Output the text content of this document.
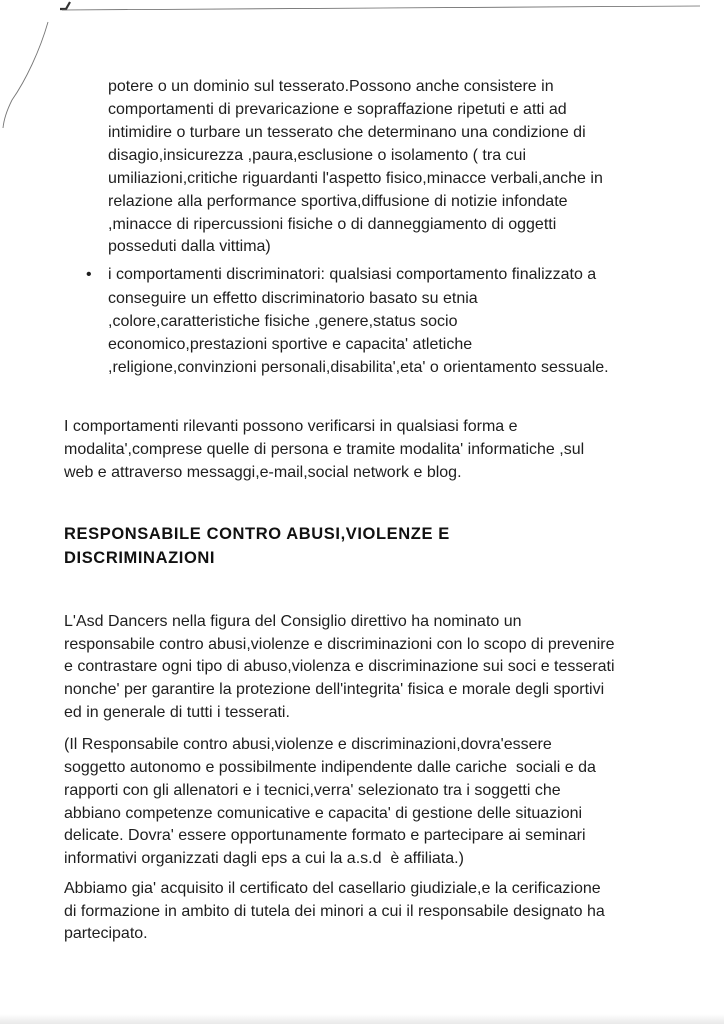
potere o un dominio sul tesserato.Possono anche consistere in
comportamenti di prevaricazione e sopraffazione ripetuti e atti ad
intimidire o turbare un tesserato che determinano una condizione di
disagio,insicurezza ,paura,esclusione o isolamento ( tra cui
umiliazioni,critiche riguardanti l'aspetto fisico,minacce verbali,anche in
relazione alla performance sportiva,diffusione di notizie infondate
,minacce di ripercussioni fisiche o di danneggiamento di oggetti
posseduti dalla vittima)
• i comportamenti discriminatori: qualsiasi comportamento finalizzato a
conseguire un effetto discriminatorio basato su etnia
,colore,caratteristiche fisiche ,genere,status socio
economico,prestazioni sportive e capacita' atletiche
,religione,convinzioni personali,disabilita',eta' o orientamento sessuale.
I comportamenti rilevanti possono verificarsi in qualsiasi forma e
modalita',comprese quelle di persona e tramite modalita' informatiche ,sul
web e attraverso messaggi,e-mail,social network e blog.
RESPONSABILE CONTRO ABUSI,VIOLENZE E
DISCRIMINAZIONI
L'Asd Dancers nella figura del Consiglio direttivo ha nominato un
responsabile contro abusi,violenze e discriminazioni con lo scopo di prevenire
e contrastare ogni tipo di abuso,violenza e discriminazione sui soci e tesserati
nonche' per garantire la protezione dell'integrita' fisica e morale degli sportivi
ed in generale di tutti i tesserati.
(Il Responsabile contro abusi,violenze e discriminazioni,dovra'essere
soggetto autonomo e possibilmente indipendente dalle cariche  sociali e da
rapporti con gli allenatori e i tecnici,verra' selezionato tra i soggetti che
abbiano competenze comunicative e capacita' di gestione delle situazioni
delicate. Dovra' essere opportunamente formato e partecipare ai seminari
informativi organizzati dagli eps a cui la a.s.d  è affiliata.)
Abbiamo gia' acquisito il certificato del casellario giudiziale,e la cerificazione
di formazione in ambito di tutela dei minori a cui il responsabile designato ha
partecipato.
